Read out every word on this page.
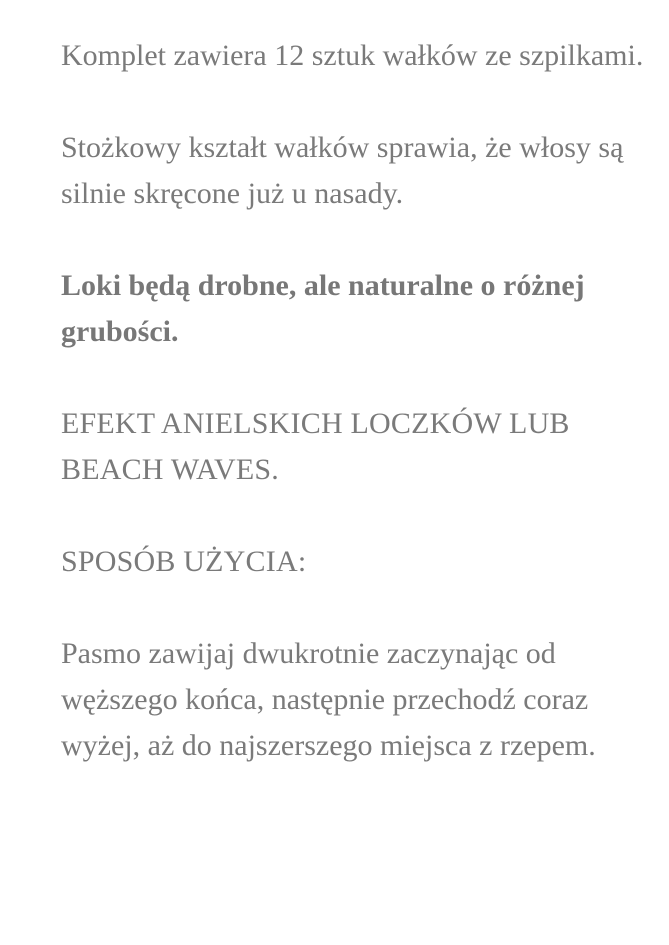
Komplet zawiera 12 sztuk wałków ze szpilkami.

Stożkowy kształt wałków sprawia, że włosy są silnie skręcone już u nasady.

Loki będą drobne, ale naturalne o różnej grubości.

EFEKT ANIELSKICH LOCZKÓW LUB BEACH WAVES.

SPOSÓB UŻYCIA:

Pasmo zawijaj dwukrotnie zaczynając od węższego końca, następnie przechodź coraz wyżej, aż do najszerszego miejsca z rzepem.
